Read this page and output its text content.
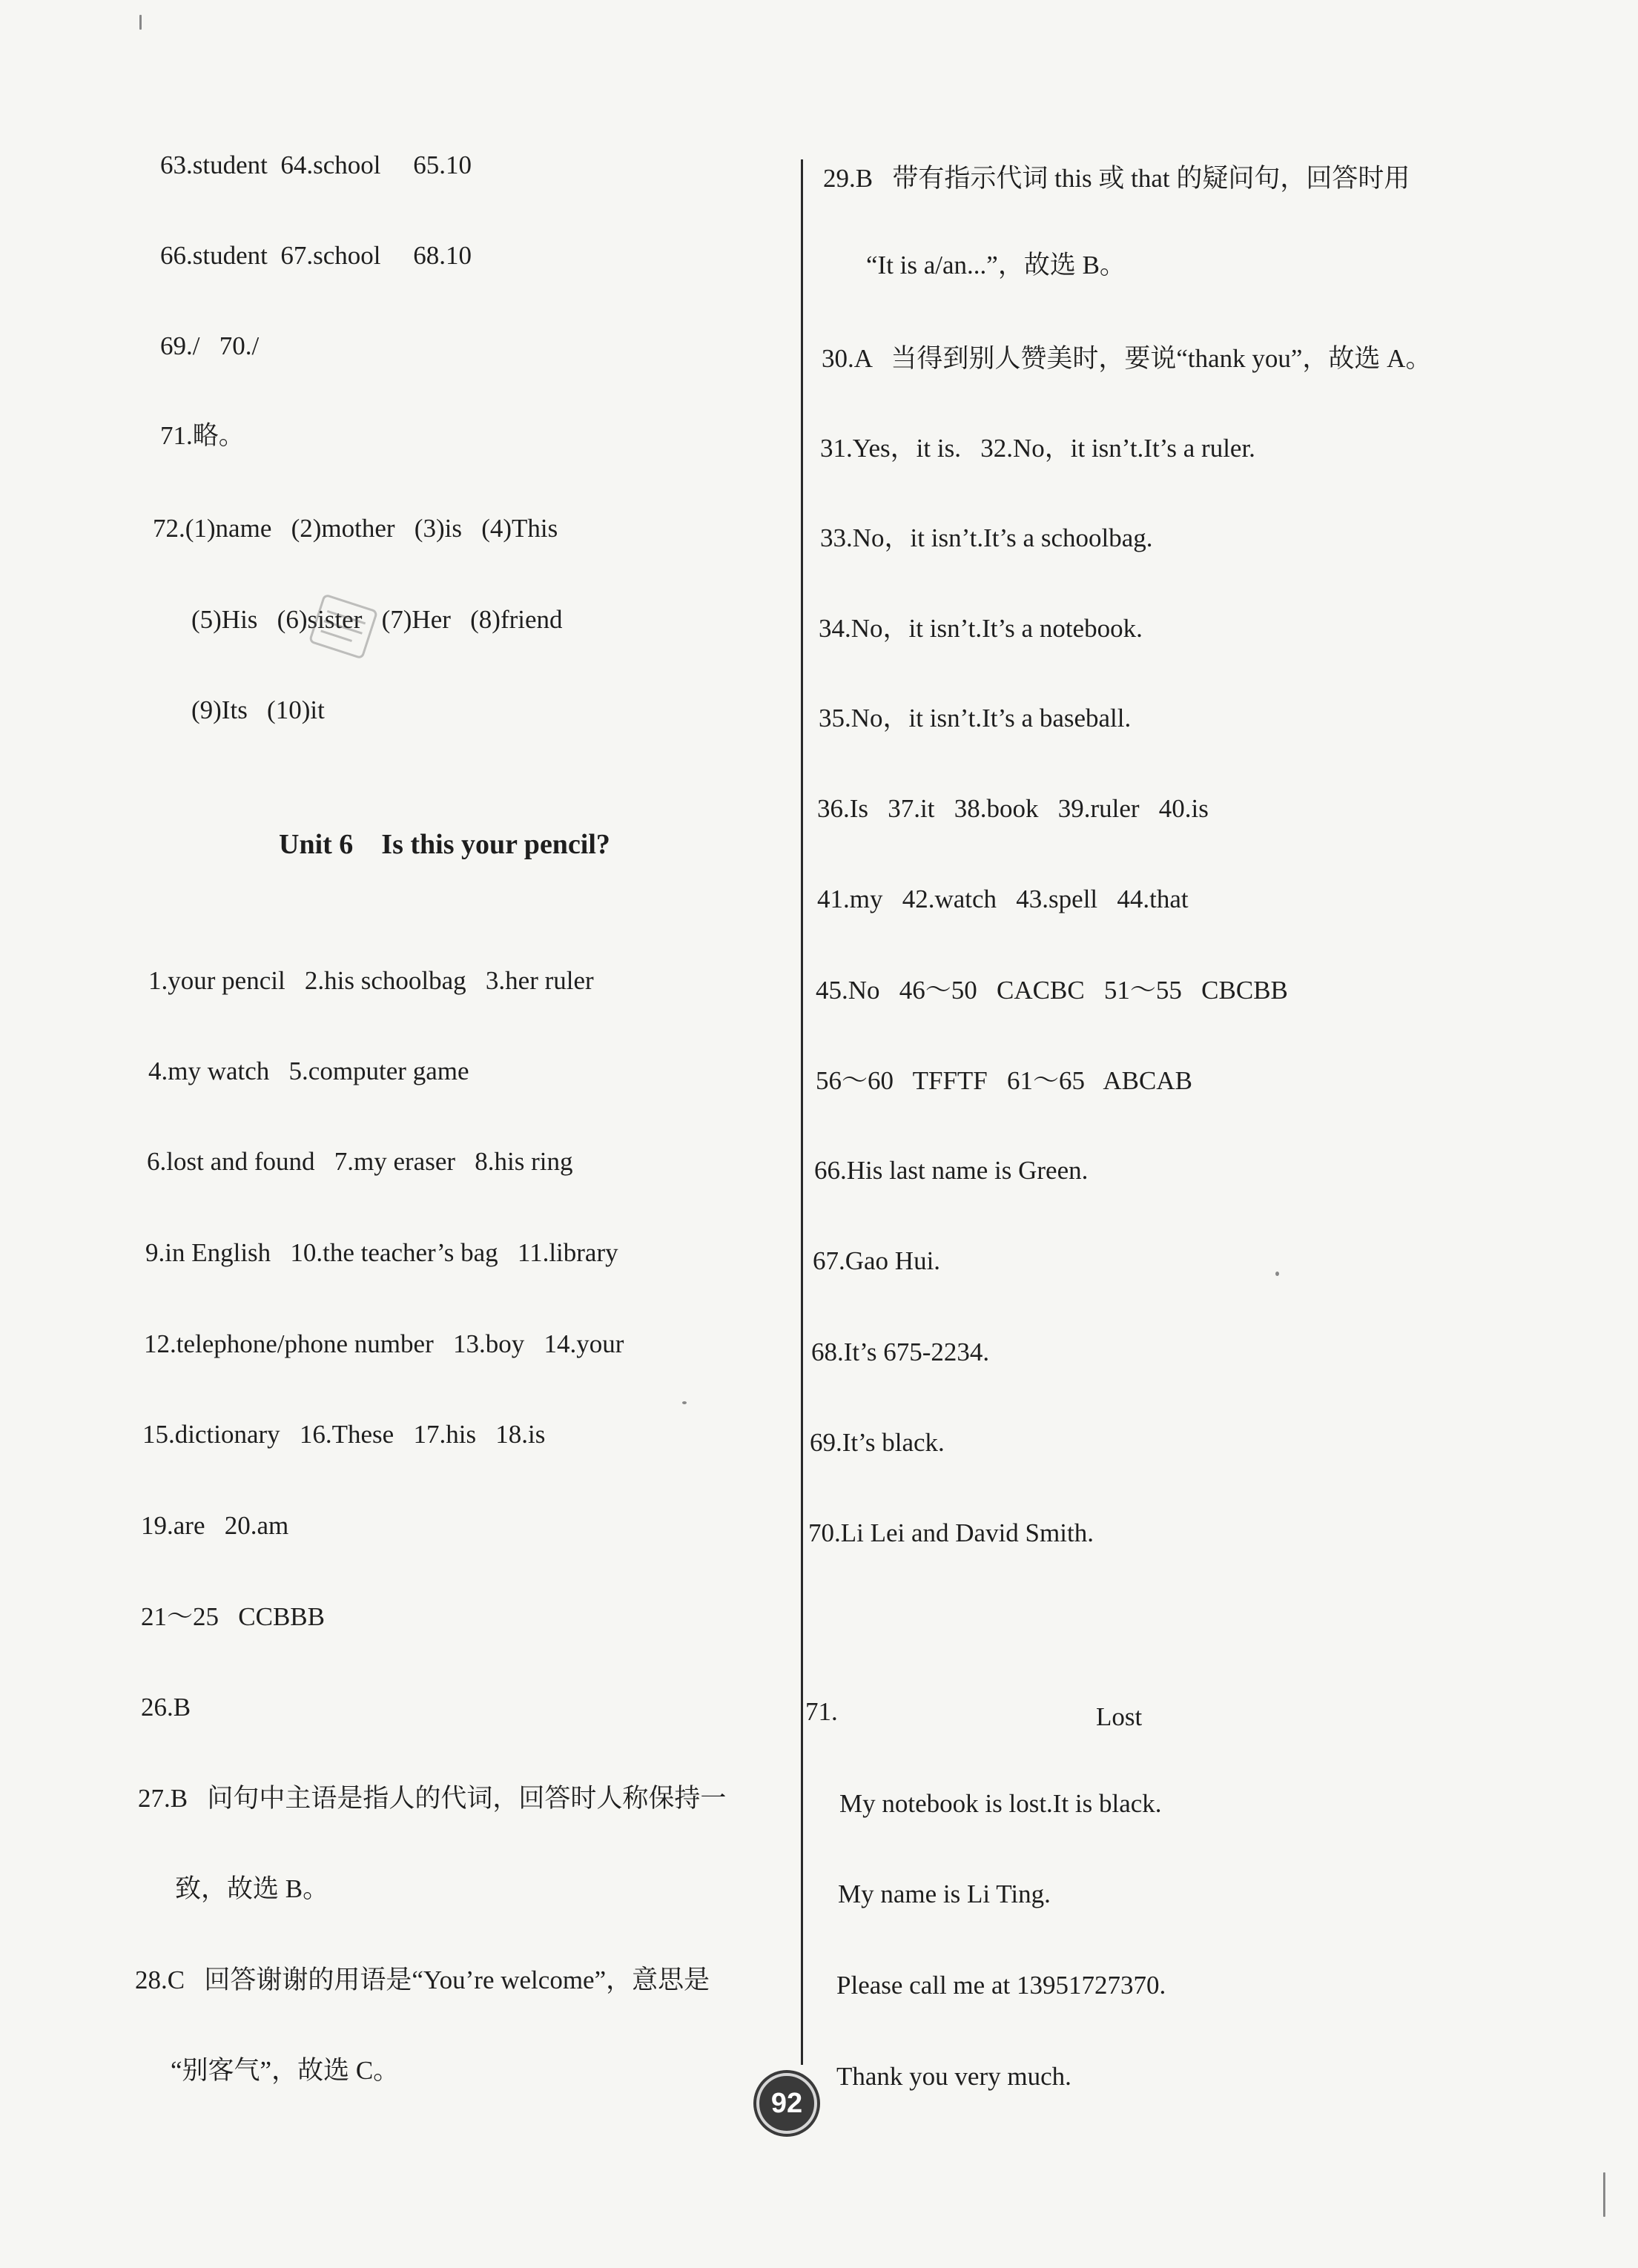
63.student  64.school     65.10
66.student  67.school     68.10
69./   70./
71.略。
72.(1)name   (2)mother   (3)is   (4)This
(5)His   (6)sister   (7)Her   (8)friend
(9)Its   (10)it
Unit 6    Is this your pencil?
1.your pencil   2.his schoolbag   3.her ruler
4.my watch   5.computer game
6.lost and found   7.my eraser   8.his ring
9.in English   10.the teacher’s bag   11.library
12.telephone/phone number   13.boy   14.your
15.dictionary   16.These   17.his   18.is
19.are   20.am
21～25   CCBBB
26.B
27.B   问句中主语是指人的代词，回答时人称保持一
致，故选 B。
28.C   回答谢谢的用语是“You’re welcome”，意思是
“别客气”，故选 C。
29.B   带有指示代词 this 或 that 的疑问句，回答时用
“It is a/an...”，故选 B。
30.A   当得到别人赞美时，要说“thank you”，故选 A。
31.Yes，it is.   32.No，it isn’t.It’s a ruler.
33.No，it isn’t.It’s a schoolbag.
34.No，it isn’t.It’s a notebook.
35.No，it isn’t.It’s a baseball.
36.Is   37.it   38.book   39.ruler   40.is
41.my   42.watch   43.spell   44.that
45.No   46～50   CACBC   51～55   CBCBB
56～60   TFFTF   61～65   ABCAB
66.His last name is Green.
67.Gao Hui.
68.It’s 675-2234.
69.It’s black.
70.Li Lei and David Smith.
71.	Lost
My notebook is lost.It is black.
My name is Li Ting.
Please call me at 13951727370.
Thank you very much.
92
